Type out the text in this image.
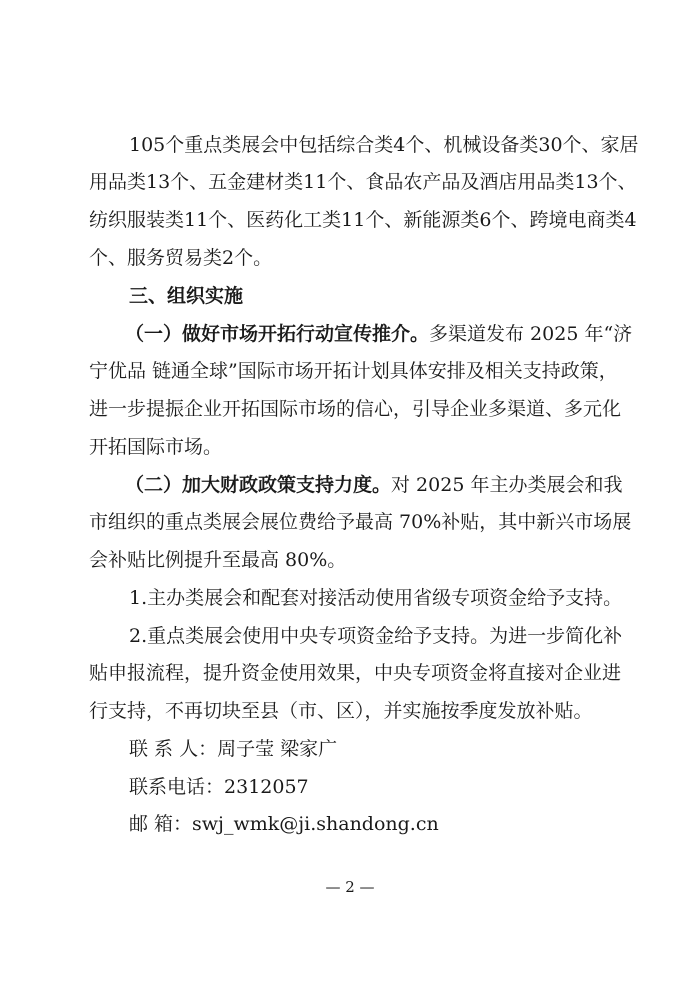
105个重点类展会中包括综合类4个、机械设备类30个、家居
用品类13个、五金建材类11个、食品农产品及酒店用品类13个、
纺织服装类11个、医药化工类11个、新能源类6个、跨境电商类4
个、服务贸易类2个。
三、组织实施
（一）做好市场开拓行动宣传推介。多渠道发布 2025 年“济
宁优品 链通全球”国际市场开拓计划具体安排及相关支持政策，
进一步提振企业开拓国际市场的信心，引导企业多渠道、多元化
开拓国际市场。
（二）加大财政政策支持力度。对 2025 年主办类展会和我
市组织的重点类展会展位费给予最高 70%补贴，其中新兴市场展
会补贴比例提升至最高 80%。
1.主办类展会和配套对接活动使用省级专项资金给予支持。
2.重点类展会使用中央专项资金给予支持。为进一步简化补
贴申报流程，提升资金使用效果，中央专项资金将直接对企业进
行支持，不再切块至县（市、区），并实施按季度发放补贴。
联 系 人：周子莹 梁家广
联系电话：2312057
邮 箱：swj_wmk@ji.shandong.cn
— 2 —
